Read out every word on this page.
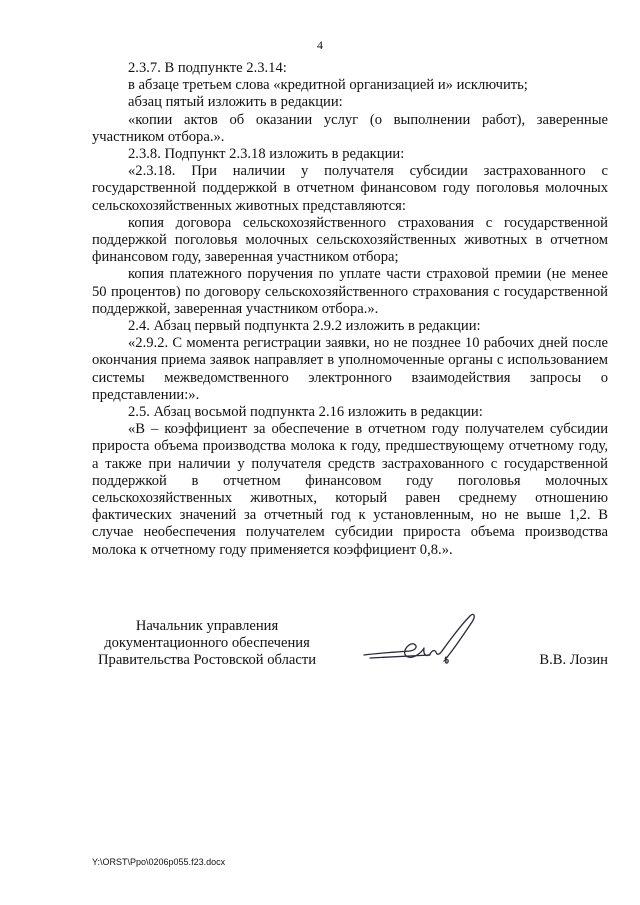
4

2.3.7. В подпункте 2.3.14:

в абзаце третьем слова «кредитной организацией и» исключить;

абзац пятый изложить в редакции:

«копии актов об оказании услуг (о выполнении работ), заверенные участником отбора.».

2.3.8. Подпункт 2.3.18 изложить в редакции:

«2.3.18. При наличии у получателя субсидии застрахованного с государственной поддержкой в отчетном финансовом году поголовья молочных сельскохозяйственных животных представляются:

копия договора сельскохозяйственного страхования с государственной поддержкой поголовья молочных сельскохозяйственных животных в отчетном финансовом году, заверенная участником отбора;

копия платежного поручения по уплате части страховой премии (не менее 50 процентов) по договору сельскохозяйственного страхования с государственной поддержкой, заверенная участником отбора.».

2.4. Абзац первый подпункта 2.9.2 изложить в редакции:

«2.9.2. С момента регистрации заявки, но не позднее 10 рабочих дней после окончания приема заявок направляет в уполномоченные органы с использованием системы межведомственного электронного взаимодействия запросы о представлении:».

2.5. Абзац восьмой подпункта 2.16 изложить в редакции:

«В – коэффициент за обеспечение в отчетном году получателем субсидии прироста объема производства молока к году, предшествующему отчетному году, а также при наличии у получателя средств застрахованного с государственной поддержкой в отчетном финансовом году поголовья молочных сельскохозяйственных животных, который равен среднему отношению фактических значений за отчетный год к установленным, но не выше 1,2. В случае необеспечения получателем субсидии прироста объема производства молока к отчетному году применяется коэффициент 0,8.».

Начальник управления
документационного обеспечения
Правительства Ростовской области	В.В. Лозин
Y:\ORST\Ppo\0206p055.f23.docx
